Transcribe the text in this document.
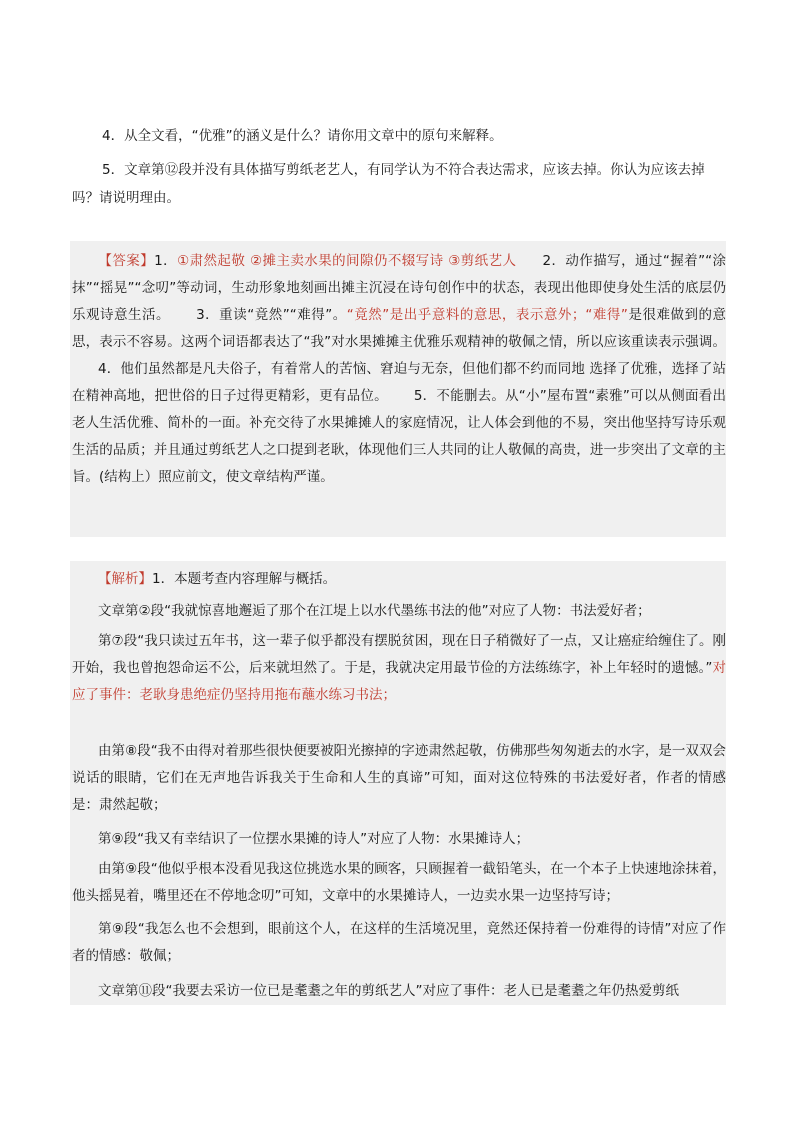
4．从全文看，“优雅”的涵义是什么？请你用文章中的原句来解释。

5．文章第⑫段并没有具体描写剪纸老艺人，有同学认为不符合表达需求，应该去掉。你认为应该去掉吗？请说明理由。

【答案】1．①肃然起敬 ②摊主卖水果的间隙仍不辍写诗 ③剪纸艺人 2．动作描写，通过“握着”“涂抹”“摇晃”“念叨”等动词，生动形象地刻画出摊主沉浸在诗句创作中的状态，表现出他即使身处生活的底层仍乐观诗意生活。 3．重读“竟然”“难得”。“竟然”是出乎意料的意思，表示意外；“难得”是很难做到的意思，表示不容易。这两个词语都表达了“我”对水果摊摊主优雅乐观精神的敬佩之情，所以应该重读表示强调。4．他们虽然都是凡夫俗子，有着常人的苦恼、窘迫与无奈，但他们都不约而同地 选择了优雅，选择了站在精神高地，把世俗的日子过得更精彩，更有品位。 5．不能删去。从“小”屋布置“素雅”可以从侧面看出老人生活优雅、简朴的一面。补充交待了水果摊摊人的家庭情况，让人体会到他的不易，突出他坚持写诗乐观生活的品质；并且通过剪纸艺人之口提到老耿，体现他们三人共同的让人敬佩的高贵，进一步突出了文章的主旨。(结构上）照应前文，使文章结构严谨。

【解析】1．本题考查内容理解与概括。

文章第②段“我就惊喜地邂逅了那个在江堤上以水代墨练书法的他”对应了人物：书法爱好者；

第⑦段“我只读过五年书，这一辈子似乎都没有摆脱贫困，现在日子稍微好了一点，又让癌症给缠住了。刚开始，我也曾抱怨命运不公，后来就坦然了。于是，我就决定用最节俭的方法练练字，补上年轻时的遗憾。”对应了事件：老耿身患绝症仍坚持用拖布蘸水练习书法；

由第⑧段“我不由得对着那些很快便要被阳光擦掉的字迹肃然起敬，仿佛那些匆匆逝去的水字，是一双双会说话的眼睛，它们在无声地告诉我关于生命和人生的真谛”可知，面对这位特殊的书法爱好者，作者的情感是：肃然起敬；

第⑨段“我又有幸结识了一位摆水果摊的诗人”对应了人物：水果摊诗人；

由第⑨段“他似乎根本没看见我这位挑选水果的顾客，只顾握着一截铅笔头，在一个本子上快速地涂抹着，他头摇晃着，嘴里还在不停地念叨”可知，文章中的水果摊诗人，一边卖水果一边坚持写诗；

第⑨段“我怎么也不会想到，眼前这个人，在这样的生活境况里，竟然还保持着一份难得的诗情”对应了作者的情感：敬佩；

文章第⑪段“我要去采访一位已是耄耋之年的剪纸艺人”对应了事件：老人已是耄耋之年仍热爱剪纸
